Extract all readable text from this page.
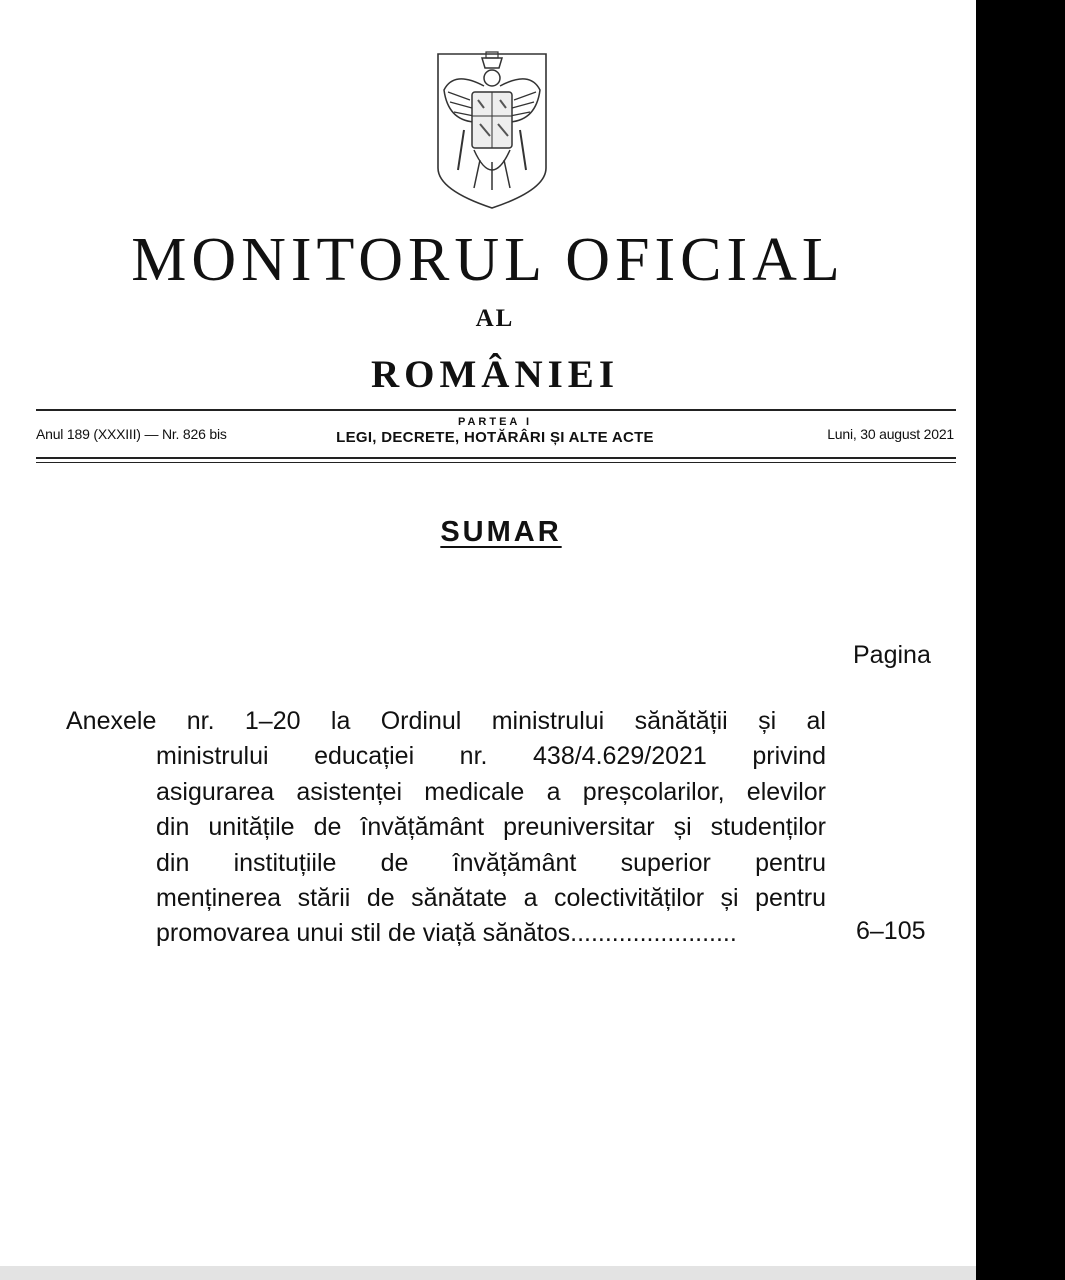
MONITORUL OFICIAL
AL
ROMÂNIEI
Anul 189 (XXXIII) — Nr. 826 bis
PARTEA I
LEGI, DECRETE, HOTĂRÂRI ȘI ALTE ACTE	Luni, 30 august 2021
SUMAR
Pagina
Anexele nr. 1–20 la Ordinul ministrului sănătății și al
ministrului educației nr. 438/4.629/2021 privind
asigurarea asistenței medicale a preșcolarilor, elevilor
din unitățile de învățământ preuniversitar și studenților
din instituțiile de învățământ superior pentru
menținerea stării de sănătate a colectivităților și pentru
promovarea unui stil de viață sănătos........................	6–105
